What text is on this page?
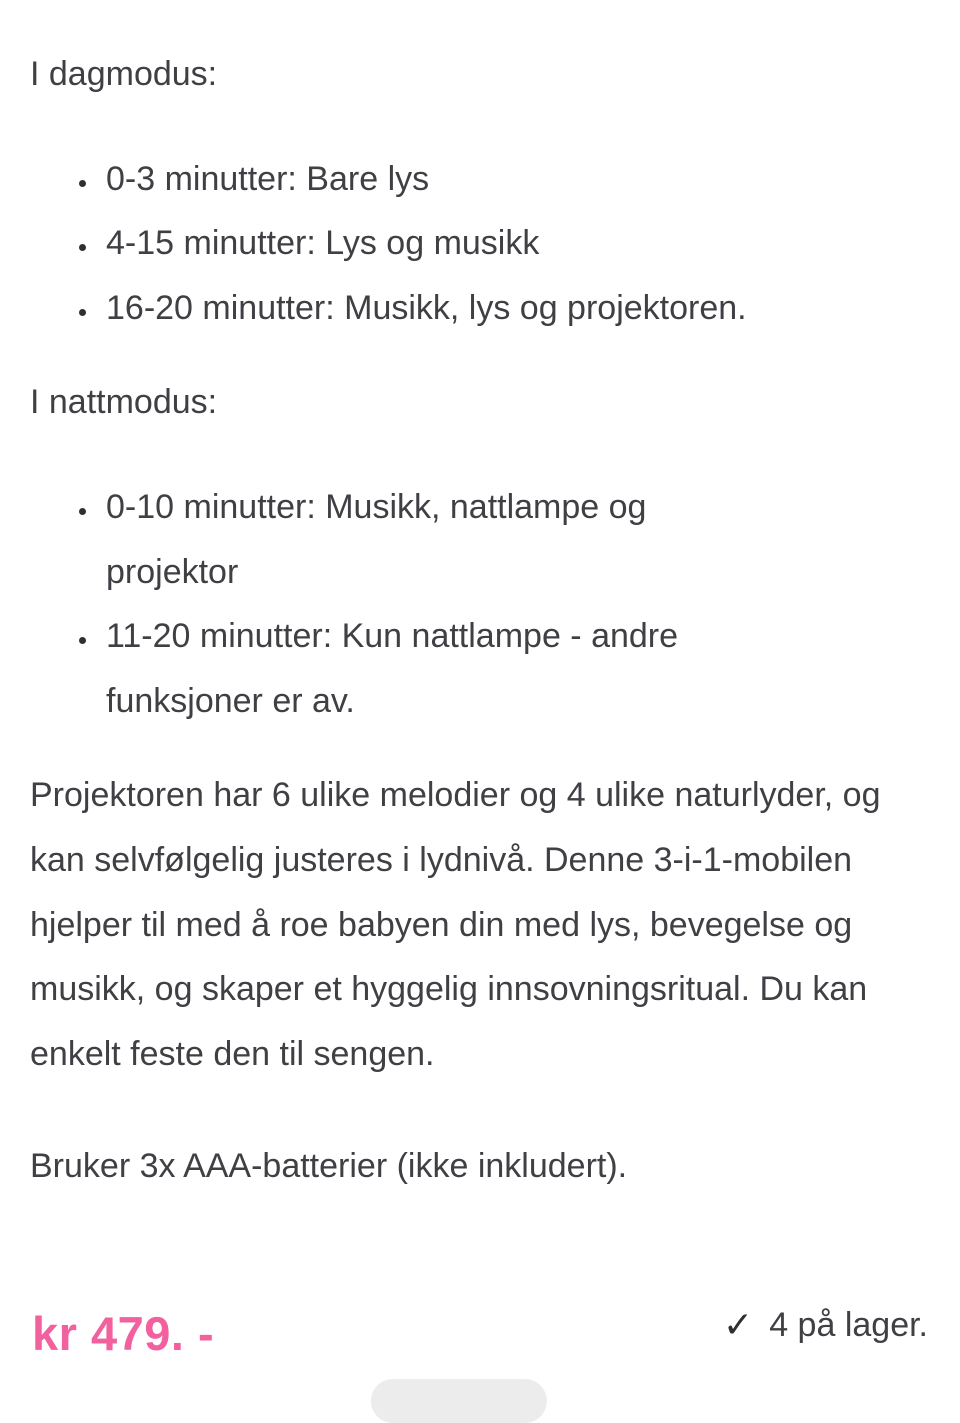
I dagmodus:

• 0-3 minutter: Bare lys
• 4-15 minutter: Lys og musikk
• 16-20 minutter: Musikk, lys og projektoren.

I nattmodus:

• 0-10 minutter: Musikk, nattlampe og projektor
• 11-20 minutter: Kun nattlampe - andre funksjoner er av.

Projektoren har 6 ulike melodier og 4 ulike naturlyder, og kan selvfølgelig justeres i lydnivå. Denne 3-i-1-mobilen hjelper til med å roe babyen din med lys, bevegelse og musikk, og skaper et hyggelig innsovningsritual. Du kan enkelt feste den til sengen.

Bruker 3x AAA-batterier (ikke inkludert).

kr 479. -	✓ 4 på lager.
